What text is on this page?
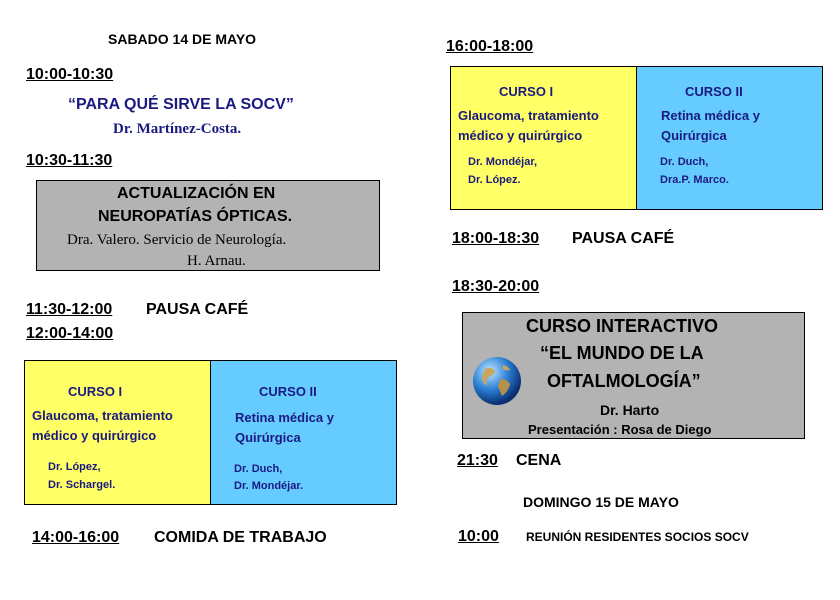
SABADO 14 DE MAYO
10:00-10:30
“PARA QUÉ SIRVE LA SOCV”
Dr. Martínez-Costa.
10:30-11:30
ACTUALIZACIÓN EN
NEUROPATÍAS ÓPTICAS.
Dra. Valero. Servicio de Neurología.
H. Arnau.
11:30-12:00 PAUSA CAFÉ
12:00-14:00
CURSO I
Glaucoma, tratamiento
médico y quirúrgico
Dr. López,
Dr. Schargel.
CURSO II
Retina médica y
Quirúrgica
Dr. Duch,
Dr. Mondéjar.
14:00-16:00 COMIDA DE TRABAJO
16:00-18:00
CURSO I
Glaucoma, tratamiento
médico y quirúrgico
Dr. Mondéjar,
Dr. López.
CURSO II
Retina médica y
Quirúrgica
Dr. Duch,
Dra.P. Marco.
18:00-18:30 PAUSA CAFÉ
18:30-20:00
CURSO INTERACTIVO
“EL MUNDO DE LA
OFTALMOLOGÍA”
Dr. Harto
Presentación : Rosa de Diego
21:30 CENA
DOMINGO 15 DE MAYO
10:00 REUNIÓN RESIDENTES SOCIOS SOCV
